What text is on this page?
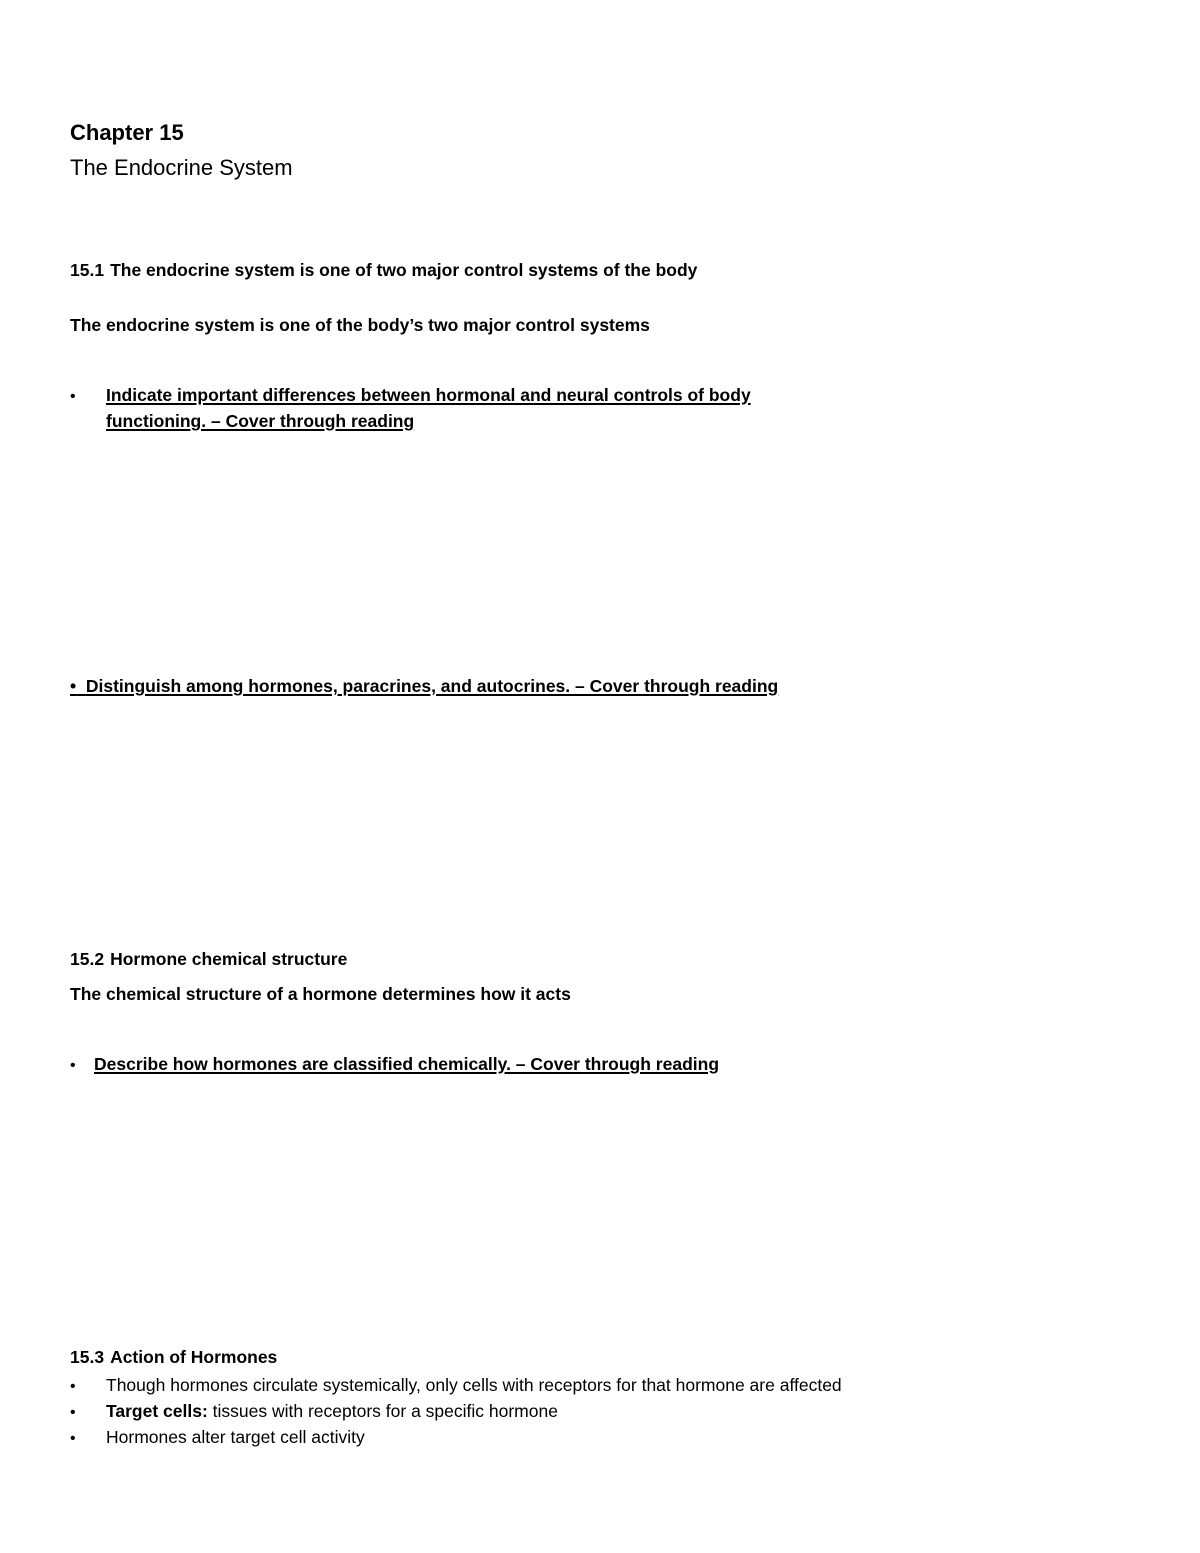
Chapter 15
The Endocrine System
15.1 The endocrine system is one of two major control systems of the body
The endocrine system is one of the body’s two major control systems
• Indicate important differences between hormonal and neural controls of body
functioning. – Cover through reading
• Distinguish among hormones, paracrines, and autocrines. – Cover through reading
15.2 Hormone chemical structure
The chemical structure of a hormone determines how it acts
• Describe how hormones are classified chemically. – Cover through reading
15.3 Action of Hormones
• Though hormones circulate systemically, only cells with receptors for that hormone are affected
• Target cells: tissues with receptors for a specific hormone
• Hormones alter target cell activity
